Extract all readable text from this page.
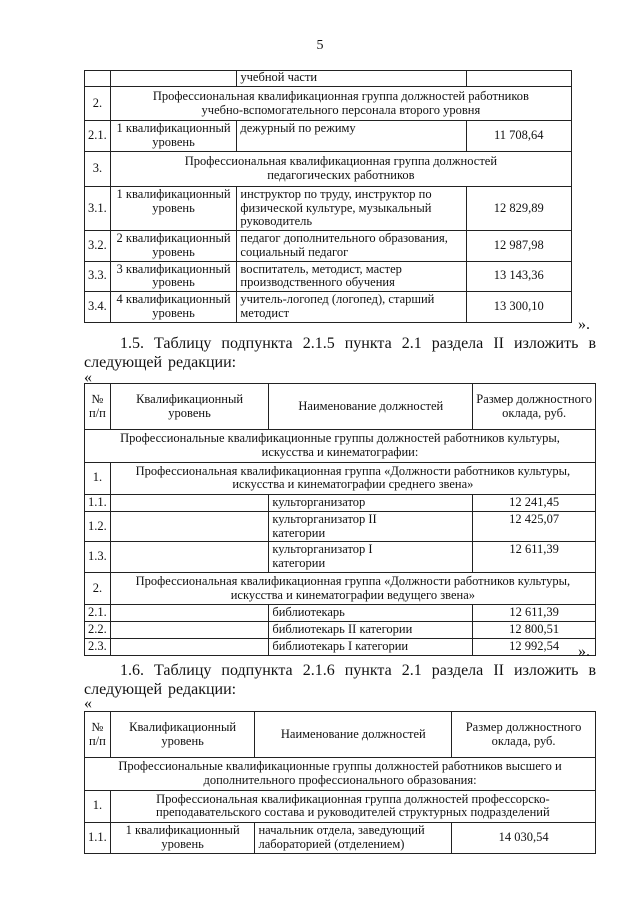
5
		учебной части	
2.	Профессиональная квалификационная группа должностей работников учебно-вспомогательного персонала второго уровня		
2.1.	1 квалификационный уровень	дежурный по режиму	11 708,64
3.	Профессиональная квалификационная группа должностей педагогических работников		
3.1.	1 квалификационный уровень	инструктор по труду, инструктор по физической культуре, музыкальный руководитель	12 829,89
3.2.	2 квалификационный уровень	педагог дополнительного образования, социальный педагог	12 987,98
3.3.	3 квалификационный уровень	воспитатель, методист, мастер производственного обучения	13 143,36
3.4.	4 квалификационный уровень	учитель-логопед (логопед), старший методист	13 300,10
».
1.5. Таблицу подпункта 2.1.5 пункта 2.1 раздела II изложить в следующей редакции:
«
№ п/п	Квалификационный уровень	Наименование должностей	Размер должностного оклада, руб.
Профессиональные квалификационные группы должностей работников культуры, искусства и кинематографии:			
1.	Профессиональная квалификационная группа «Должности работников культуры, искусства и кинематографии среднего звена»		
1.1.		культорганизатор	12 241,45
1.2.		культорганизатор II категории	12 425,07
1.3.		культорганизатор I категории	12 611,39
2.	Профессиональная квалификационная группа «Должности работников культуры, искусства и кинематографии ведущего звена»		
2.1.		библиотекарь	12 611,39
2.2.		библиотекарь II категории	12 800,51
2.3.		библиотекарь I категории	12 992,54 ».
1.6. Таблицу подпункта 2.1.6 пункта 2.1 раздела II изложить в следующей редакции:
«
№ п/п	Квалификационный уровень	Наименование должностей	Размер должностного оклада, руб.
Профессиональные квалификационные группы должностей работников высшего и дополнительного профессионального образования:			
1.	Профессиональная квалификационная группа должностей профессорско-преподавательского состава и руководителей структурных подразделений		
1.1.	1 квалификационный уровень	начальник отдела, заведующий лабораторией (отделением)	14 030,54
